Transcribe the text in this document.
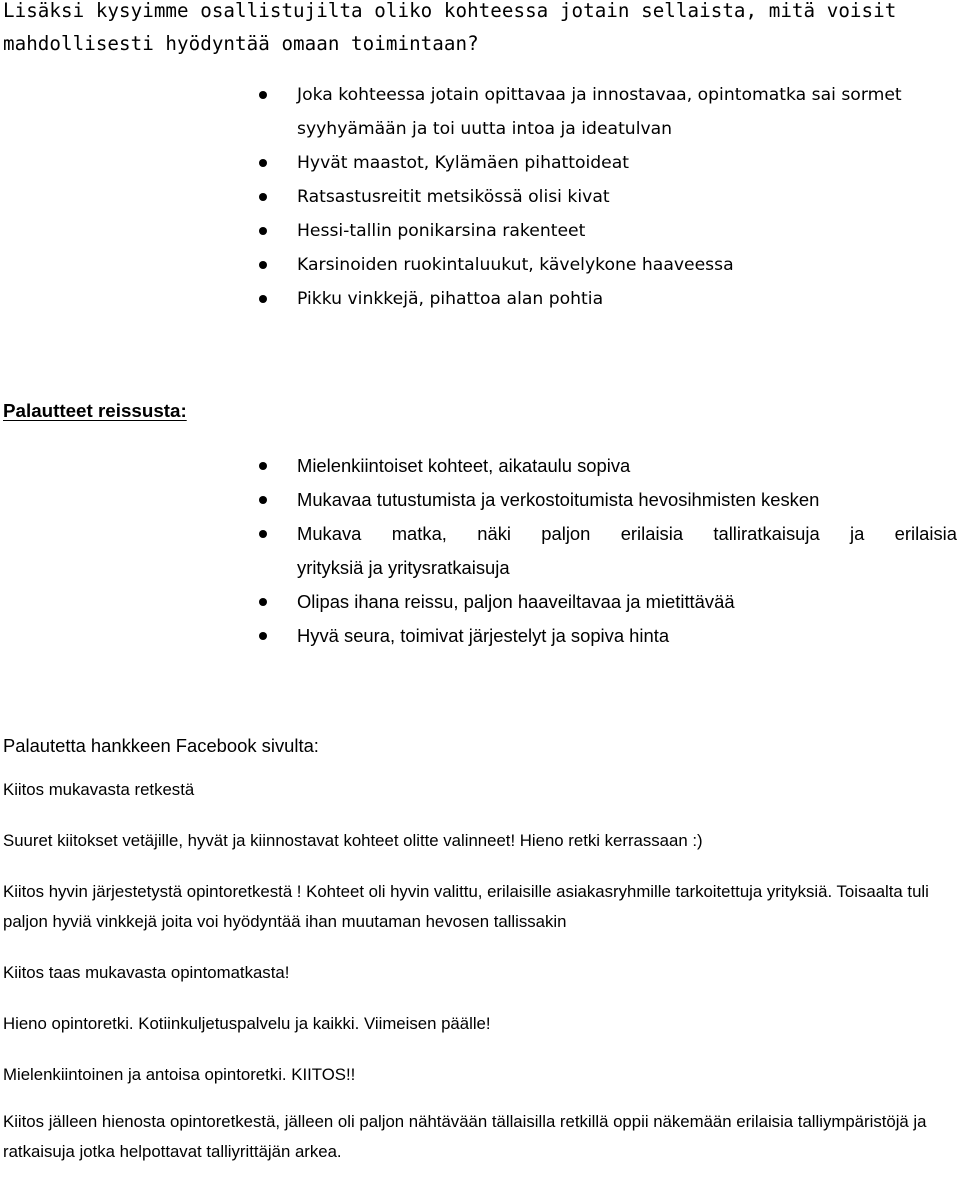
Lisäksi kysyimme osallistujilta oliko kohteessa jotain sellaista, mitä voisit mahdollisesti hyödyntää omaan toimintaan?

Joka kohteessa jotain opittavaa ja innostavaa, opintomatka sai sormet syyhyämään ja toi uutta intoa ja ideatulvan
Hyvät maastot, Kylämäen pihattoideat
Ratsastusreitit metsikössä olisi kivat
Hessi-tallin ponikarsina rakenteet
Karsinoiden ruokintaluukut, kävelykone haaveessa
Pikku vinkkejä, pihattoa alan pohtia
Palautteet reissusta:
Mielenkiintoiset kohteet, aikataulu sopiva
Mukavaa tutustumista ja verkostoitumista hevosihmisten kesken
Mukava matka, näki paljon erilaisia talliratkaisuja ja erilaisia
yrityksiä ja yritysratkaisuja
Olipas ihana reissu, paljon haaveiltavaa ja mietittävää
Hyvä seura, toimivat järjestelyt ja sopiva hinta

Palautetta hankkeen Facebook sivulta:

Kiitos mukavasta retkestä

Suuret kiitokset vetäjille, hyvät ja kiinnostavat kohteet olitte valinneet! Hieno retki kerrassaan :)

Kiitos hyvin järjestetystä opintoretkestä ! Kohteet oli hyvin valittu, erilaisille asiakasryhmille tarkoitettuja yrityksiä. Toisaalta tuli paljon hyviä vinkkejä joita voi hyödyntää ihan muutaman hevosen tallissakin

Kiitos taas mukavasta opintomatkasta!

Hieno opintoretki. Kotiinkuljetuspalvelu ja kaikki. Viimeisen päälle!

Mielenkiintoinen ja antoisa opintoretki. KIITOS!!

Kiitos jälleen hienosta opintoretkestä, jälleen oli paljon nähtävään tällaisilla retkillä oppii näkemään erilaisia talliympäristöjä ja ratkaisuja jotka helpottavat talliyrittäjän arkea.
